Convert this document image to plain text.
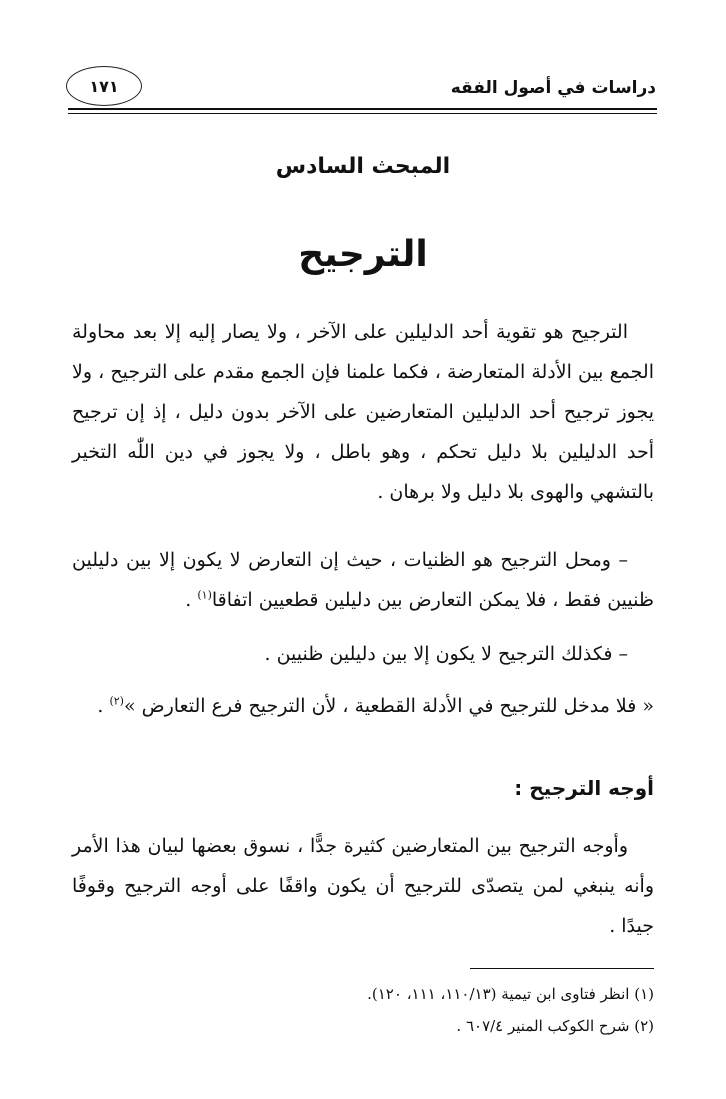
دراسات في أصول الفقه
١٧١
المبحث السادس
الترجيح
الترجيح هو تقوية أحد الدليلين على الآخر ، ولا يصار إليه إلا بعد محاولة الجمع بين الأدلة المتعارضة ، فكما علمنا فإن الجمع مقدم على الترجيح ، ولا يجوز ترجيح أحد الدليلين المتعارضين على الآخر بدون دليل ، إذ إن ترجيح أحد الدليلين بلا دليل تحكم ، وهو باطل ، ولا يجوز في دين اللّٰه التخير بالتشهي والهوى بلا دليل ولا برهان .
– ومحل الترجيح هو الظنيات ، حيث إن التعارض لا يكون إلا بين دليلين ظنيين فقط ، فلا يمكن التعارض بين دليلين قطعيين اتفاقا$^{(١)}$ .
– فكذلك الترجيح لا يكون إلا بين دليلين ظنيين .
« فلا مدخل للترجيح في الأدلة القطعية ، لأن الترجيح فرع التعارض »$^{(٢)}$ .
أوجه الترجيح :
وأوجه الترجيح بين المتعارضين كثيرة جدًّا ، نسوق بعضها لبيان هذا الأمر وأنه ينبغي لمن يتصدّى للترجيح أن يكون واقفًا على أوجه الترجيح وقوفًا جيدًا .
(١) انظر فتاوى ابن تيمية (١١٠/١٣، ١١١، ١٢٠).
(٢) شرح الكوكب المنير ٦٠٧/٤ .
